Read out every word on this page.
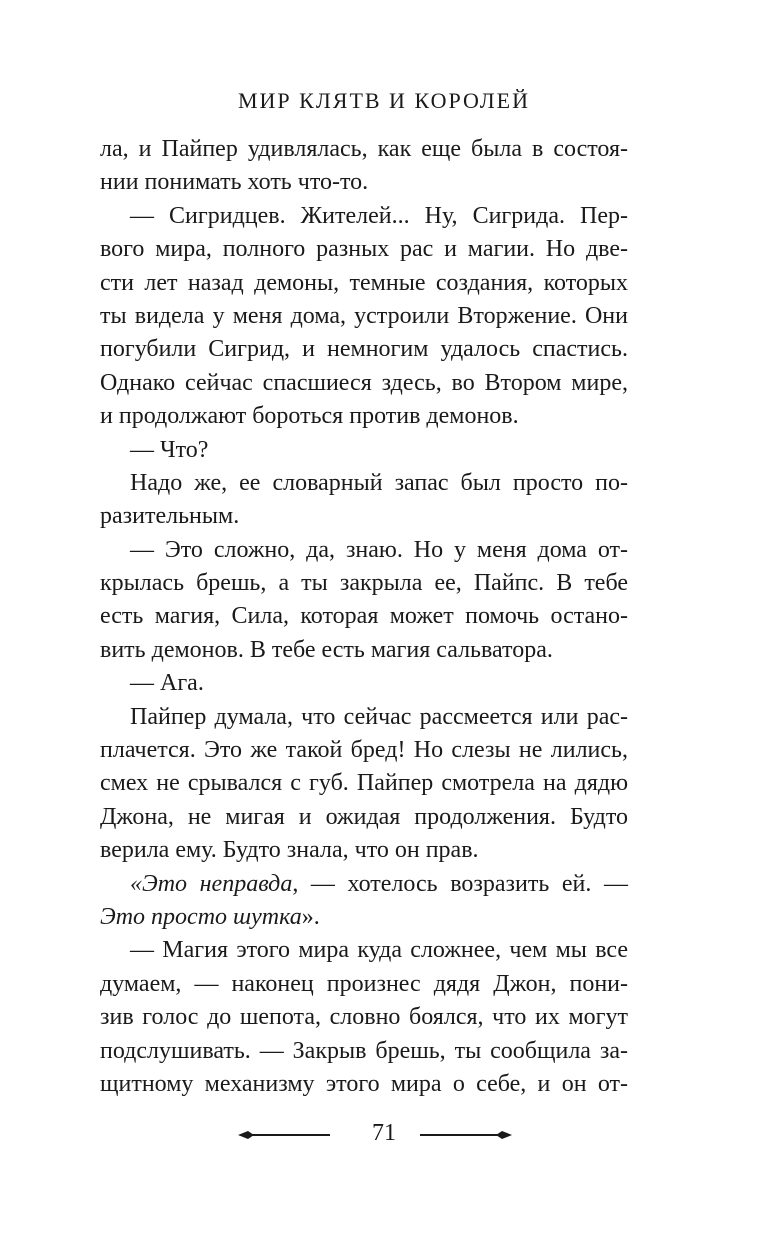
МИР КЛЯТВ И КОРОЛЕЙ
ла, и Пайпер удивлялась, как еще была в состоя-
нии понимать хоть что-то.
— Сигридцев. Жителей... Ну, Сигрида. Пер-
вого мира, полного разных рас и магии. Но две-
сти лет назад демоны, темные создания, которых
ты видела у меня дома, устроили Вторжение. Они
погубили Сигрид, и немногим удалось спастись.
Однако сейчас спасшиеся здесь, во Втором мире,
и продолжают бороться против демонов.
— Что?
Надо же, ее словарный запас был просто по-
разительным.
— Это сложно, да, знаю. Но у меня дома от-
крылась брешь, а ты закрыла ее, Пайпс. В тебе
есть магия, Сила, которая может помочь остано-
вить демонов. В тебе есть магия сальватора.
— Ага.
Пайпер думала, что сейчас рассмеется или рас-
плачется. Это же такой бред! Но слезы не лились,
смех не срывался с губ. Пайпер смотрела на дядю
Джона, не мигая и ожидая продолжения. Будто
верила ему. Будто знала, что он прав.
«Это неправда, — хотелось возразить ей. —
Это просто шутка».
— Магия этого мира куда сложнее, чем мы все
думаем, — наконец произнес дядя Джон, пони-
зив голос до шепота, словно боялся, что их могут
подслушивать. — Закрыв брешь, ты сообщила за-
щитному механизму этого мира о себе, и он от-
71
